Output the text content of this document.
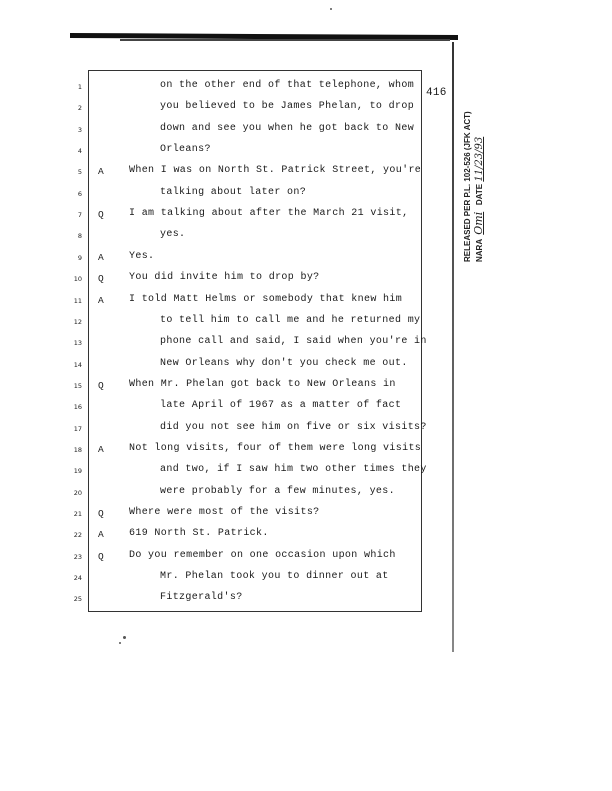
416
1	on the other end of that telephone, whom
2	you believed to be James Phelan, to drop
3	down and see you when he got back to New
4	Orleans?
5 A	When I was on North St. Patrick Street, you're
6	talking about later on?
7 Q	I am talking about after the March 21 visit,
8	yes.
9 A	Yes.
10 Q	You did invite him to drop by?
11 A	I told Matt Helms or somebody that knew him
12	to tell him to call me and he returned my
13	phone call and said, I said when you're in
14	New Orleans why don't you check me out.
15 Q	When Mr. Phelan got back to New Orleans in
16	late April of 1967 as a matter of fact
17	did you not see him on five or six visits?
18 A	Not long visits, four of them were long visits
19	and two, if I saw him two other times they
20	were probably for a few minutes, yes.
21 Q	Where were most of the visits?
22 A	619 North St. Patrick.
23 Q	Do you remember on one occasion upon which
24	Mr. Phelan took you to dinner out at
25	Fitzgerald's?
RELEASED PER P.L. 102-526 (JFK ACT) NARA  Omi   DATE 11/23/93
